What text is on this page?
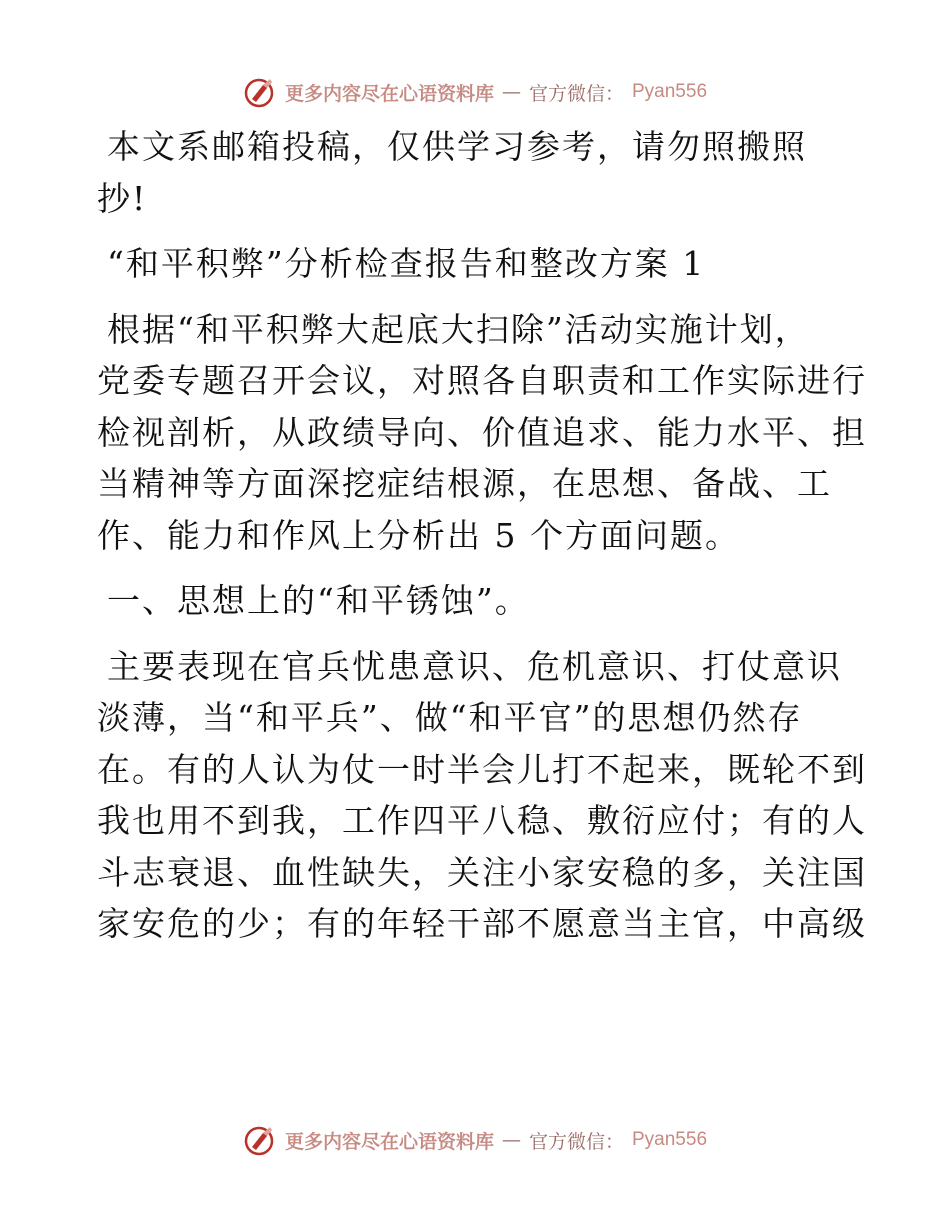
更多内容尽在心语资料库 — 官方微信： Pyan556
本文系邮箱投稿，仅供学习参考，请勿照搬照
抄!
“和平积弊”分析检查报告和整改方案 1
根据“和平积弊大起底大扫除”活动实施计划，
党委专题召开会议，对照各自职责和工作实际进行
检视剖析，从政绩导向、价值追求、能力水平、担
当精神等方面深挖症结根源，在思想、备战、工
作、能力和作风上分析出 5 个方面问题。
一、思想上的“和平锈蚀”。
主要表现在官兵忧患意识、危机意识、打仗意识
淡薄，当“和平兵”、做“和平官”的思想仍然存
在。有的人认为仗一时半会儿打不起来，既轮不到
我也用不到我，工作四平八稳、敷衍应付；有的人
斗志衰退、血性缺失，关注小家安稳的多，关注国
家安危的少；有的年轻干部不愿意当主官，中高级
更多内容尽在心语资料库 — 官方微信： Pyan556
